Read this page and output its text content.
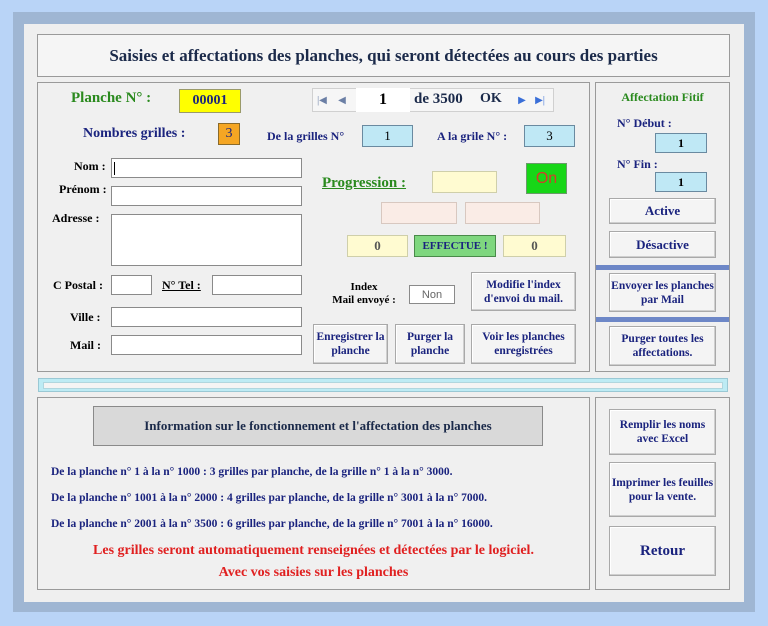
Saisies et affectations des planches, qui seront détectées au cours des parties
Planche N° :	00001	|◀	◀	1	de 3500 OK	▶ ▶|
Nombres grilles :	3	De la grilles N°	1	A la grile N° :	3
Nom :
Prénom :
Adresse :
C Postal :	N° Tel :
Ville :
Mail :
Progression :	On
0	EFFECTUE !	0
Index
Mail envoyé :	Non
Modifie l'index d'envoi du mail.
Enregistrer la planche
Purger la planche
Voir les planches enregistrées
Affectation Fitif
N° Début :
1
N° Fin :
1
Active
Désactive
Envoyer les planches par Mail
Purger toutes les affectations.
Information sur le fonctionnement et l'affectation des planches
De la planche n° 1 à la n° 1000 : 3 grilles par planche, de la grille n° 1 à la n° 3000.
De la planche n° 1001 à la n° 2000 : 4 grilles par planche, de la grille n° 3001 à la n° 7000.
De la planche n° 2001 à la n° 3500 : 6 grilles par planche, de la grille n° 7001 à la n° 16000.
Les grilles seront automatiquement renseignées et détectées par le logiciel.
Avec vos saisies sur les planches
Remplir les noms avec Excel
Imprimer les feuilles pour la vente.
Retour
